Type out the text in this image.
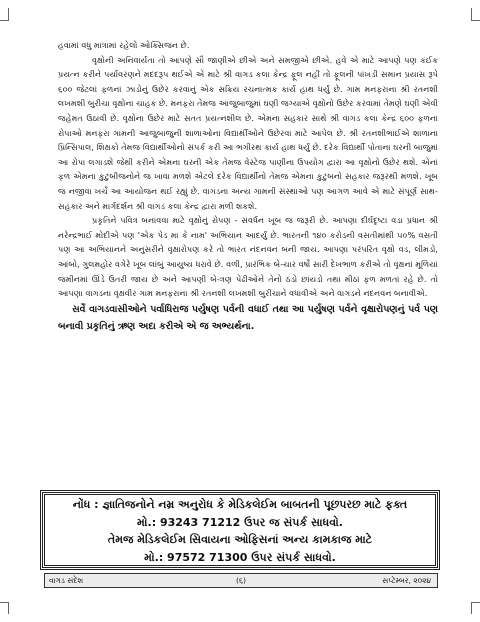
હવામાં વધુ માત્રામાં રહેલો ઓક્સિજન છે.

વૃક્ષોની અનિવાર્યતા તો આપણે સૌ જાણીએ છીએ અને સમજીએ છીએ. હવે એ માટે આપણે પણ કંઈક પ્રયત્ન કરીને પર્યાવરણને મદદરૂપ થઈએ એ માટે શ્રી વાગડ કલા કેન્દ્ર ફૂલ નહીં તો ફૂલની પાંખડી સમાન પ્રયાસ રૂપે ૬૦૦ જેટલાં ફળનાં ઝાડોનું ઉછેર કરવાનું એક સક્રિય રચનાત્મક કાર્ય હાથ ધર્યું છે. ગામ મનફરાના શ્રી રતનશી લખમશી બુરીચા વૃક્ષોના ચાહક છે. મનફરા તેમજ આજુબાજુમાં ઘણી જગ્યાએ વૃક્ષોનો ઉછેર કરવામાં તેમણે ઘણી એવી જહેમત ઉઠાવી છે. વૃક્ષોના ઉછેર માટે સતત પ્રયત્નશીલ છે. એમના સહકાર સાથે શ્રી વાગડ કલા કેન્દ્ર ૬૦૦ ફળના રોપાઓ મનફરા ગામની આજુબાજુની શાળાઓના વિદ્યાર્થીઓને ઉછેરવા માટે આપેલ છે. શ્રી રતનશીભાઈએ શાળાના પ્રિન્સિપાલ, શિક્ષકો તેમજ વિદ્યાર્થીઓનો સંપર્ક કરી આ ભગીરથ કાર્ય હાથ ધર્યું છે. દરેક વિદ્યાર્થી પોતાના ઘરની બાજુમાં આ રોપા લગાડશે જેથી કરીને એમના ઘરની એક તેમજ વેસ્ટેજ પાણીના ઉપયોગ દ્વારા આ વૃક્ષોનો ઉછેર થશે. એનાં ફળ એમના કુટુંબીજનોને જ ખાવા મળશે એટલે દરેક વિદ્યાર્થીનો તેમજ એમના કુટુંબનો સહકાર જરૂરથી મળશે. ખૂબ જ નજીવા ખર્ચે આ આયોજન થઈ રહ્યું છે. વાગડના અન્ય ગામની સંસ્થાઓ પણ આગળ આવે એ માટે સંપૂર્ણ સાથ-સહકાર અને માર્ગદર્શન શ્રી વાગડ કલા કેન્દ્ર દ્વારા મળી શકશે.

પ્રકૃતિને પવિત્ર બનાવવા માટે વૃક્ષોનું રોપણ - સંવર્ધન ખૂબ જ જરૂરી છે. આપણા દીર્ઘદૃષ્ટા વડા પ્રધાન શ્રી નરેન્દ્રભાઈ મોદીએ પણ 'એક પેડ મા કે નામ' અભિયાન આદર્યું છે. ભારતની ૧૪૦ કરોડની વસતીમાંથી ૫૦% વસતી પણ આ અભિયાનને અનુસરીને વૃક્ષારોપણ કરે તો ભારત નંદનવન બની જાય. આપણા પરંપરિત વૃક્ષો વડ, લીમડો, આંબો, ગુલમહોર વગેરે ખૂબ લાંબું આયુષ્ય ધરાવે છે. વળી, પ્રારંભિક બે-ચાર વર્ષો સારી દેખભાળ કરીએ તો વૃક્ષનાં મૂળિયાં જમીનમાં ઊંડે ઉતરી જાય છે અને આપણી બે-ત્રણ પેઢીઓને તેનો ઠંડો છાંયડો તથા મીઠાં ફળ મળતાં રહે છે. તો આપણા વાગડના વૃક્ષવીર ગામ મનફરાના શ્રી રતનશી લખમશી બુરીચાને વધાવીએ અને વાગડને નંદનવન બનાવીએ.

સર્વે વાગડવાસીઓને પર્વાધિરાજ પર્યુષણ પર્વની વધાઈ તથા આ પર્યુષણ પર્વને વૃક્ષારોપણનું પર્વ પણ બનાવી પ્રકૃતિનું ઋણ અદા કરીએ એ જ અભ્યર્થના.

નોંધ : જ્ઞાતિજનોને નમ્ર અનુરોધ કે મેડિકલેઈમ બાબતની પૂછપરછ માટે ફક્ત
મો.: 93243 71212 ઉપર જ સંપર્ક સાધવો.
તેમજ મેડિકલેઈમ સિવાયના ઓફિસનાં અન્ય કામકાજ માટે
મો.: 97572 71300 ઉપર સંપર્ક સાધવો.
વાગડ સંદેશ	(૬)	સપ્ટેમ્બર, ૨૦૨૪
